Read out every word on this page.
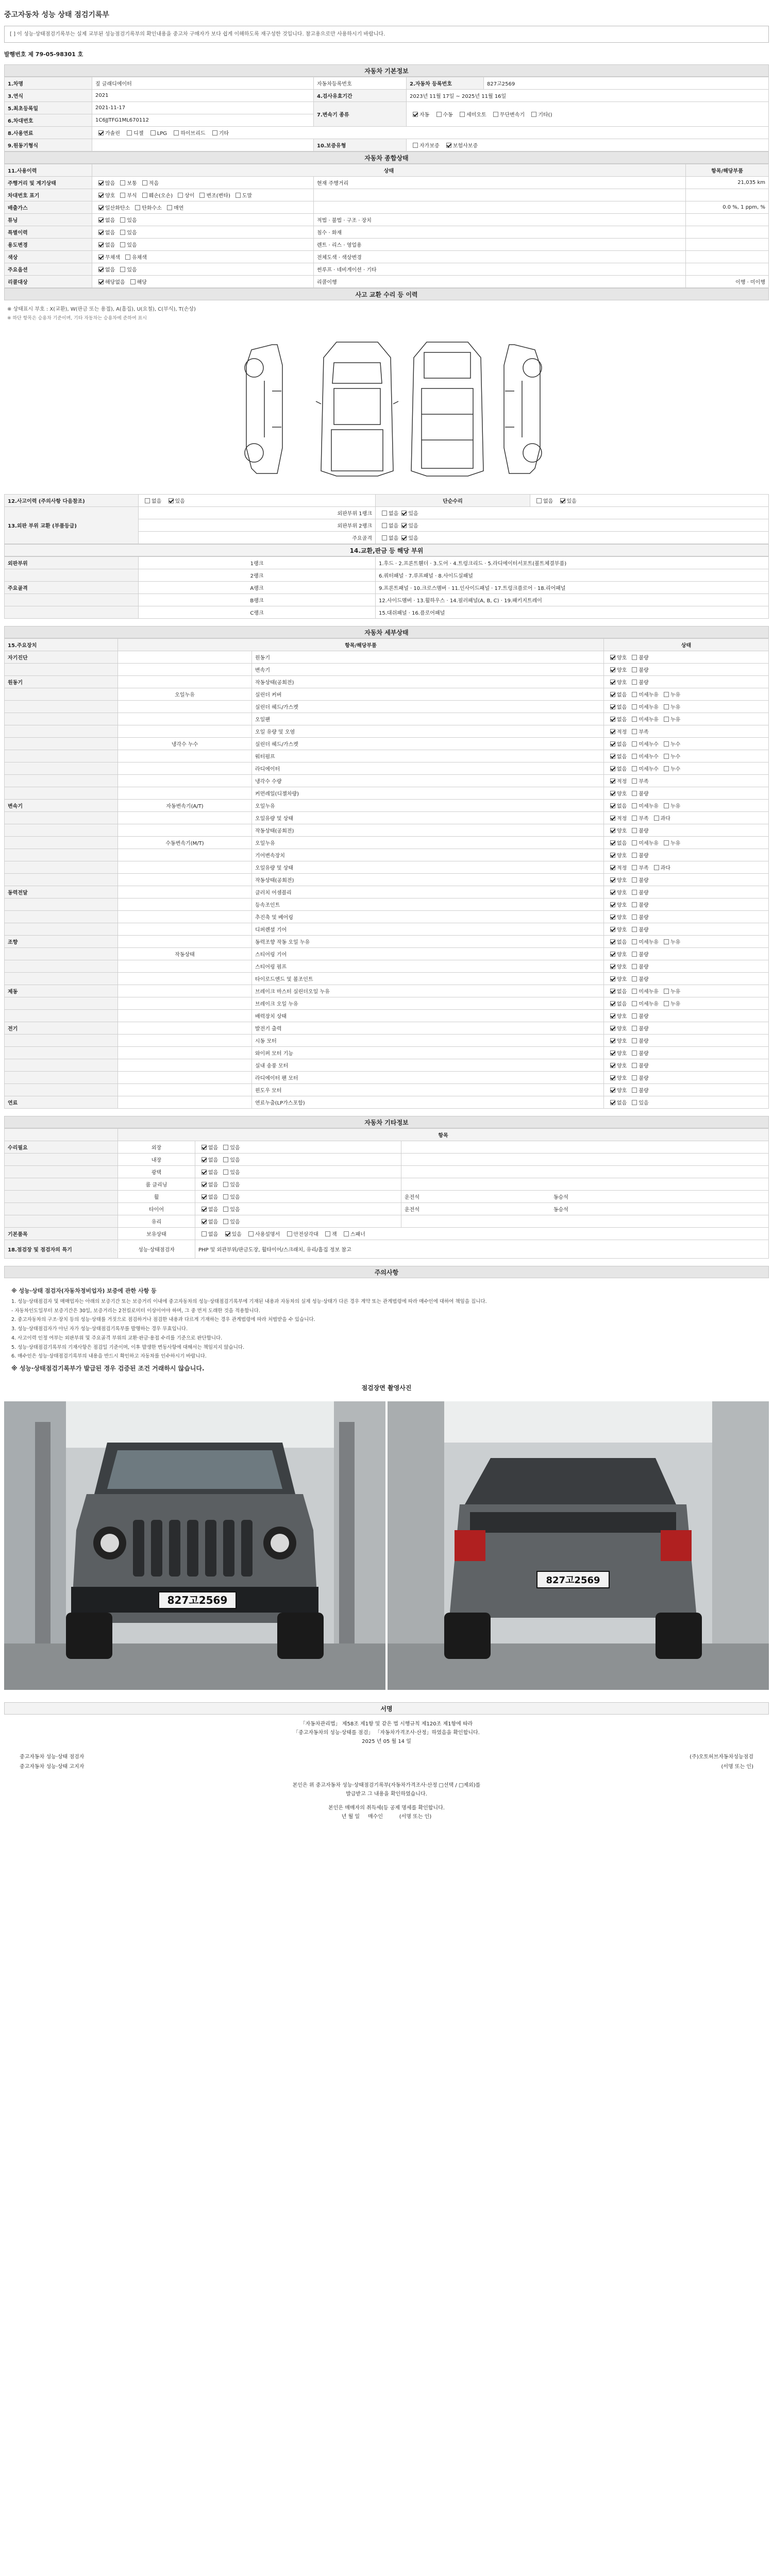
중고자동차 성능 상태 점검기록부
[ ] 이 성능·상태점검기록부는 실제 교부된 성능점검기록부의 확인내용을 중고차 구매자가 보다 쉽게 이해하도록 재구성한 것입니다. 참고용으로만 사용하시기 바랍니다.
발행번호 제 79-05-98301 호
자동차 기본정보
1.차명	짚 글래디에이터	자동차등록번호	2.자동차 등록번호	827고2569
3.연식	2021	4.검사유효기간	2023년 11월 17일 ~ 2025년 11월 16일	
5.최초등록일	2021-11-17	7.변속기 종류	자동 수동 세미오토 무단변속기 기타()	
6.차대번호	1C6JJTFG1ML670112			
8.사용연료	가솔린 디젤 LPG 하이브리드 기타			
9.원동기형식		10.보증유형	자가보증 보험사보증	
자동차 종합상태
11.사용이력	상태		항목/해당부품
주행거리 및 계기상태	많음 보통 적음	현재 주행거리	21,035 km
차대번호 표기	양호 부식 훼손(오손) 상이 변조(변타) 도말		
배출가스	일산화탄소 탄화수소 매연		0.0 %, 1 ppm, %
튜닝	없음 있음	적법 · 불법 · 구조 · 장치	
특별이력	없음 있음	침수 · 화재	
용도변경	없음 있음	렌트 · 리스 · 영업용	
색상	무채색 유채색	전체도색 · 색상변경	
주요옵션	없음 있음	썬루프 · 네비게이션 · 기타	
리콜대상	해당없음 해당	리콜이행	이행 · 미이행
사고 교환 수리 등 이력
※ 상태표시 부호 : X(교환), W(판금 또는 용접), A(흠집), U(요철), C(부식), T(손상)
※ 하단 항목은 승용차 기준이며, 기타 자동차는 승용차에 준하여 표시
12.사고이력 (주의사항 다음참조)	없음 있음	단순수리	없음 있음
13.외판 부위 교환 (부품등급)	외판부위 1랭크	없음 있음	
	외판부위 2랭크	없음 있음	
	주요골격	없음 있음	
14.교환,판금 등 해당 부위
외판부위	1랭크	1.후드 · 2.프론트휀더 · 3.도어 · 4.트렁크리드 · 5.라디에이터서포트(볼트체결부품)
	2랭크	6.쿼터패널 · 7.루프패널 · 8.사이드실패널
주요골격	A랭크	9.프론트패널 · 10.크로스멤버 · 11.인사이드패널 · 17.트렁크플로어 · 18.리어패널
	B랭크	12.사이드멤버 · 13.휠하우스 · 14.필러패널(A, B, C) · 19.패키지트레이
	C랭크	15.대쉬패널 · 16.플로어패널
자동차 세부상태
15.주요장치	항목/해당부품		상태
자기진단		원동기	양호 불량
		변속기	양호 불량
원동기		작동상태(공회전)	양호 불량
	오일누유	실린더 커버	없음 미세누유 누유
		실린더 헤드/가스켓	없음 미세누유 누유
		오일팬	없음 미세누유 누유
		오일 유량 및 오염	적정 부족
	냉각수 누수	실린더 헤드/가스켓	없음 미세누수 누수
		워터펌프	없음 미세누수 누수
		라디에이터	없음 미세누수 누수
		냉각수 수량	적정 부족
		커먼레일(디젤차량)	양호 불량
변속기	자동변속기(A/T)	오일누유	없음 미세누유 누유
		오일유량 및 상태	적정 부족 과다
		작동상태(공회전)	양호 불량
	수동변속기(M/T)	오일누유	없음 미세누유 누유
		기어변속장치	양호 불량
		오일유량 및 상태	적정 부족 과다
		작동상태(공회전)	양호 불량
동력전달		클러치 어셈블리	양호 불량
		등속조인트	양호 불량
		추진축 및 베어링	양호 불량
		디퍼렌셜 기어	양호 불량
조향		동력조향 작동 오일 누유	없음 미세누유 누유
	작동상태	스티어링 기어	양호 불량
		스티어링 펌프	양호 불량
		타이로드엔드 및 볼조인트	양호 불량
제동		브레이크 마스터 실린더오일 누유	없음 미세누유 누유
		브레이크 오일 누유	없음 미세누유 누유
		배력장치 상태	양호 불량
전기		발전기 출력	양호 불량
		시동 모터	양호 불량
		와이퍼 모터 기능	양호 불량
		실내 송풍 모터	양호 불량
		라디에이터 팬 모터	양호 불량
		윈도우 모터	양호 불량
연료		연료누출(LP가스포함)	없음 있음
자동차 기타정보
	항목		
수리필요	외장	없음 있음	
	내장	없음 있음	
	광택	없음 있음	
	룸 클리닝	없음 있음	
	휠	없음 있음	운전석 동승석
	타이어	없음 있음	운전석 동승석
	유리	없음 있음	
기본품목	보유상태	없음 있음 사용설명서 안전삼각대 잭 스패너	
18.점검장 및 점검자의 특기	성능·상태점검자	PHP 및 외관부위/판금도장, 휠타이어/스크래치, 유리/흠집 정보 참고	
주의사항
※ 성능·상태 점검자(자동차정비업자) 보증에 관한 사항 등

1. 성능·상태점검자 및 매매업자는 아래의 보증기간 또는 보증거리 이내에 중고자동차의 성능·상태점검기록부에 기재된 내용과 자동차의 실제 성능·상태가 다른 경우 계약 또는 관계법령에 따라 매수인에 대하여 책임을 집니다.

- 자동차인도일부터 보증기간은 30일, 보증거리는 2천킬로미터 이상이어야 하며, 그 중 먼저 도래한 것을 적용합니다.

2. 중고자동차의 구조·장치 등의 성능·상태를 거짓으로 점검하거나 점검한 내용과 다르게 기재하는 경우 관계법령에 따라 처벌받을 수 있습니다.

3. 성능·상태점검자가 아닌 자가 성능·상태점검기록부를 발행하는 경우 무효입니다.

4. 사고이력 인정 여부는 외판부위 및 주요골격 부위의 교환·판금·용접 수리를 기준으로 판단합니다.

5. 성능·상태점검기록부의 기재사항은 점검일 기준이며, 이후 발생한 변동사항에 대해서는 책임지지 않습니다.

6. 매수인은 성능·상태점검기록부의 내용을 반드시 확인하고 자동차를 인수하시기 바랍니다.

※ 성능·상태점검기록부가 발급된 경우 검증된 조건 거래하시 않습니다.
점검장면 촬영사진
827고2569
827고2569
서명
「자동차관리법」 제58조 제1항 및 같은 법 시행규칙 제120조 제1항에 따라
「중고자동차의 성능·상태를 점검」 「자동차가격조사·산정」하였음을 확인합니다.
2025 년 05 월 14 일
중고자동차 성능·상태 점검자	(주)오토허브자동차성능점검
중고자동차 성능·상태 고지자	(서명 또는 인)
본인은 위 중고자동차 성능·상태점검기록부(자동차가격조사·산정 □선택 / □제외)를
발급받고 그 내용을 확인하였습니다.
본인은 매매자의 취득세(등 공제 명세를 확인합니다.
년 월 일 매수인	(서명 또는 인)
